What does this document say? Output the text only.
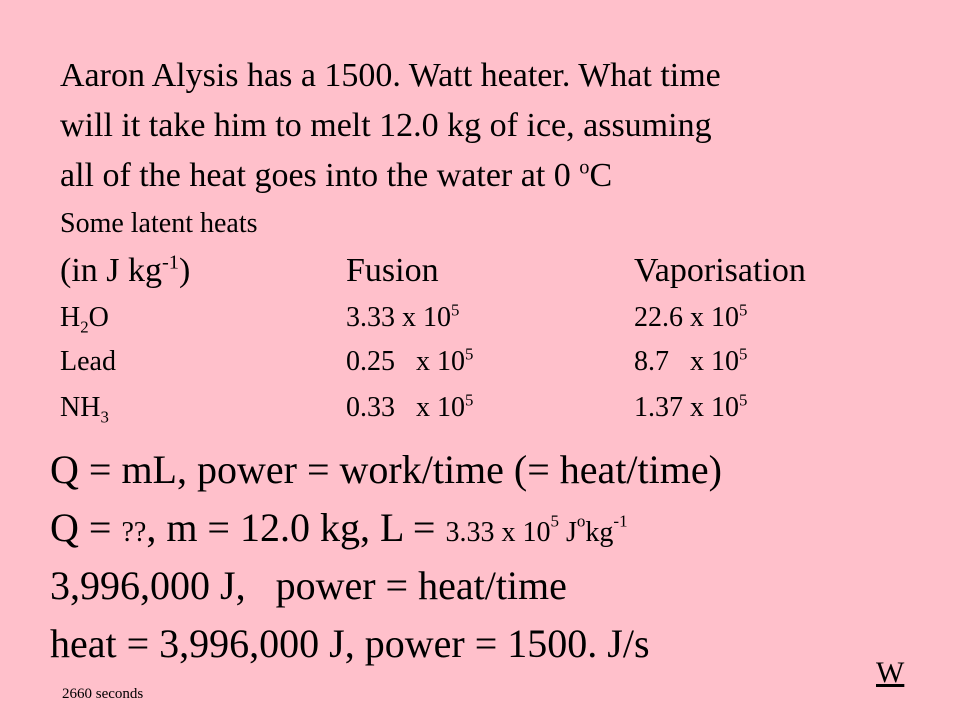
Aaron Alysis has a 1500. Watt heater. What time
will it take him to melt 12.0 kg of ice, assuming
all of the heat goes into the water at 0 $^o$C
Some latent heats
(in J $kg^{-1}$)	Fusion	Vaporisation
$H_2O$	3.33 x $10^5$	22.6 x $10^5$
Lead	0.25   x $10^5$	8.7   x $10^5$
$NH_3$	0.33   x $10^5$	1.37 x $10^5$
Q = mL, power = work/time (= heat/time)
Q = ??, m = 12.0 kg, L = 3.33 x $10^5$ $J^okg^{-1}$
3,996,000 J,   power = heat/time
heat = 3,996,000 J, power = 1500. J/s
2660 seconds
W
